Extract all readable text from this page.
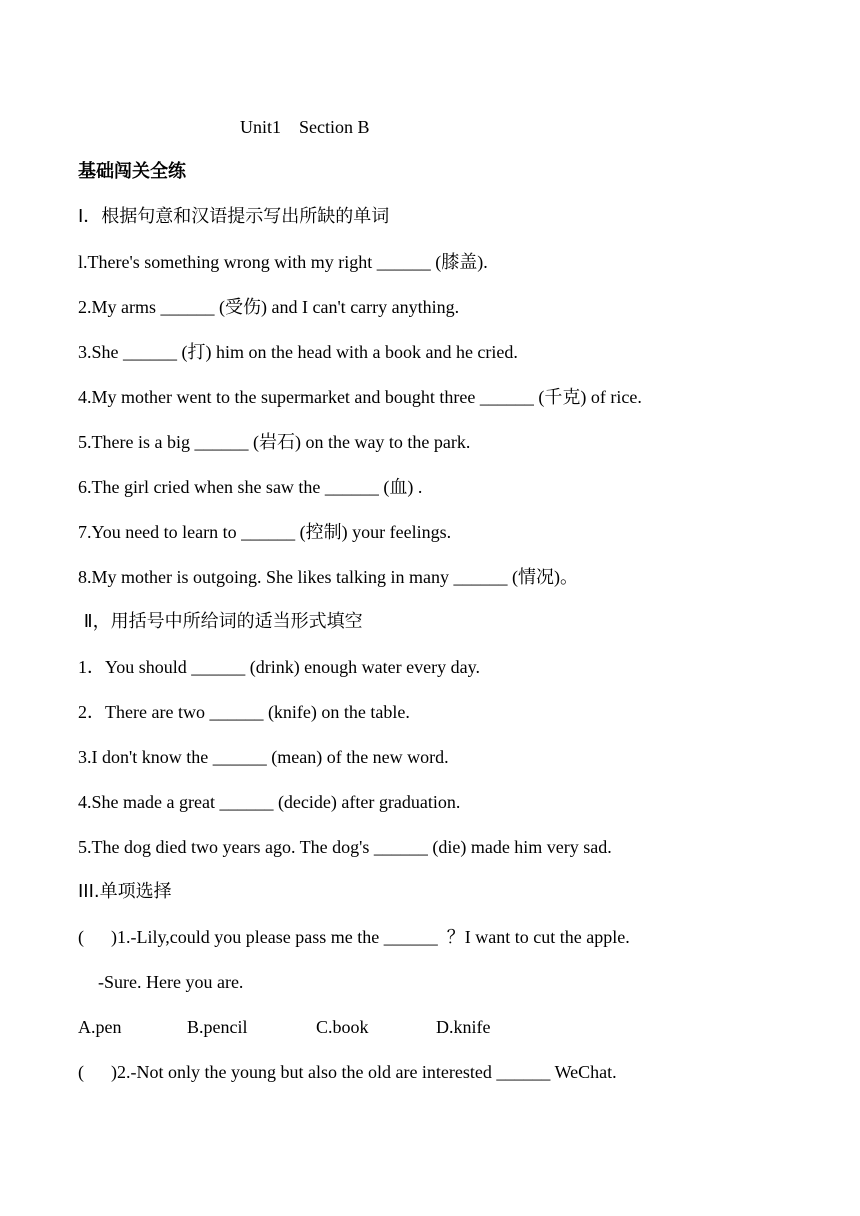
Unit1    Section B
基础闯关全练
I．根据句意和汉语提示写出所缺的单词
l.There's something wrong with my right ______ (膝盖).
2.My arms ______ (受伤) and I can't carry anything.
3.She ______ (打) him on the head with a book and he cried.
4.My mother went to the supermarket and bought three ______ (千克) of rice.
5.There is a big ______ (岩石) on the way to the park.
6.The girl cried when she saw the ______ (血) .
7.You need to learn to ______ (控制) your feelings.
8.My mother is outgoing. She likes talking in many ______ (情况)。
Ⅱ，用括号中所给词的适当形式填空
1．You should ______ (drink) enough water every day.
2．There are two ______ (knife) on the table.
3.I don't know the ______ (mean) of the new word.
4.She made a great ______ (decide) after graduation.
5.The dog died two years ago. The dog's ______ (die) made him very sad.
III.单项选择
(      )1.-Lily,could you please pass me the ______  ？I want to cut the apple.
-Sure. Here you are.
A.pen	B.pencil	C.book	D.knife
(      )2.-Not only the young but also the old are interested ______ WeChat.
